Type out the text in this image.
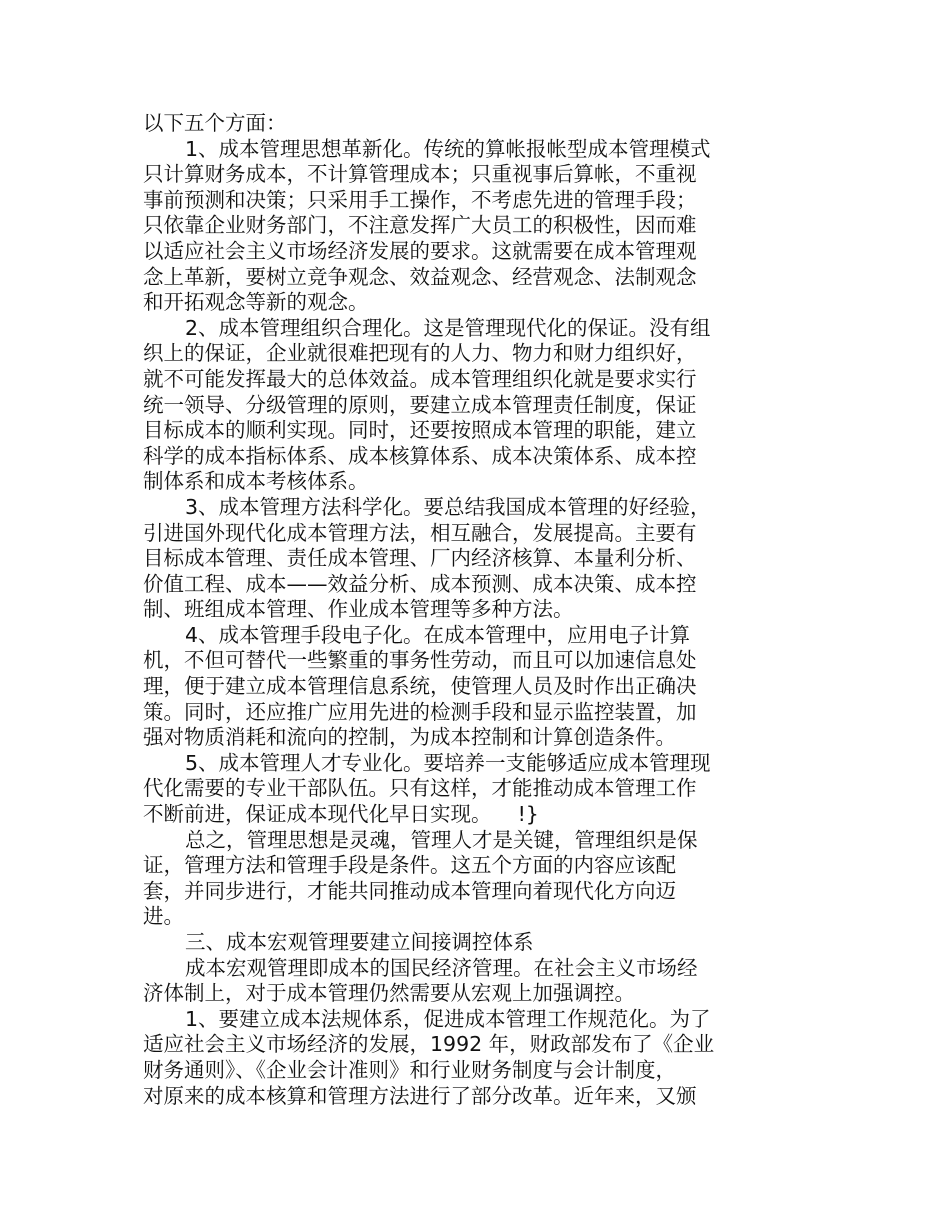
以下五个方面：
1、成本管理思想革新化。传统的算帐报帐型成本管理模式
只计算财务成本，不计算管理成本；只重视事后算帐，不重视
事前预测和决策；只采用手工操作，不考虑先进的管理手段；
只依靠企业财务部门，不注意发挥广大员工的积极性，因而难
以适应社会主义市场经济发展的要求。这就需要在成本管理观
念上革新，要树立竞争观念、效益观念、经营观念、法制观念
和开拓观念等新的观念。
2、成本管理组织合理化。这是管理现代化的保证。没有组
织上的保证，企业就很难把现有的人力、物力和财力组织好，
就不可能发挥最大的总体效益。成本管理组织化就是要求实行
统一领导、分级管理的原则，要建立成本管理责任制度，保证
目标成本的顺利实现。同时，还要按照成本管理的职能，建立
科学的成本指标体系、成本核算体系、成本决策体系、成本控
制体系和成本考核体系。
3、成本管理方法科学化。要总结我国成本管理的好经验，
引进国外现代化成本管理方法，相互融合，发展提高。主要有
目标成本管理、责任成本管理、厂内经济核算、本量利分析、
价值工程、成本——效益分析、成本预测、成本决策、成本控
制、班组成本管理、作业成本管理等多种方法。
4、成本管理手段电子化。在成本管理中，应用电子计算
机，不但可替代一些繁重的事务性劳动，而且可以加速信息处
理，便于建立成本管理信息系统，使管理人员及时作出正确决
策。同时，还应推广应用先进的检测手段和显示监控装置，加
强对物质消耗和流向的控制，为成本控制和计算创造条件。
5、成本管理人才专业化。要培养一支能够适应成本管理现
代化需要的专业干部队伍。只有这样，才能推动成本管理工作
不断前进，保证成本现代化早日实现。    !}
总之，管理思想是灵魂，管理人才是关键，管理组织是保
证，管理方法和管理手段是条件。这五个方面的内容应该配
套，并同步进行，才能共同推动成本管理向着现代化方向迈
进。
三、成本宏观管理要建立间接调控体系
成本宏观管理即成本的国民经济管理。在社会主义市场经
济体制上，对于成本管理仍然需要从宏观上加强调控。
1、要建立成本法规体系，促进成本管理工作规范化。为了
适应社会主义市场经济的发展，1992 年，财政部发布了《企业
财务通则》、《企业会计准则》和行业财务制度与会计制度，
对原来的成本核算和管理方法进行了部分改革。近年来，又颁
